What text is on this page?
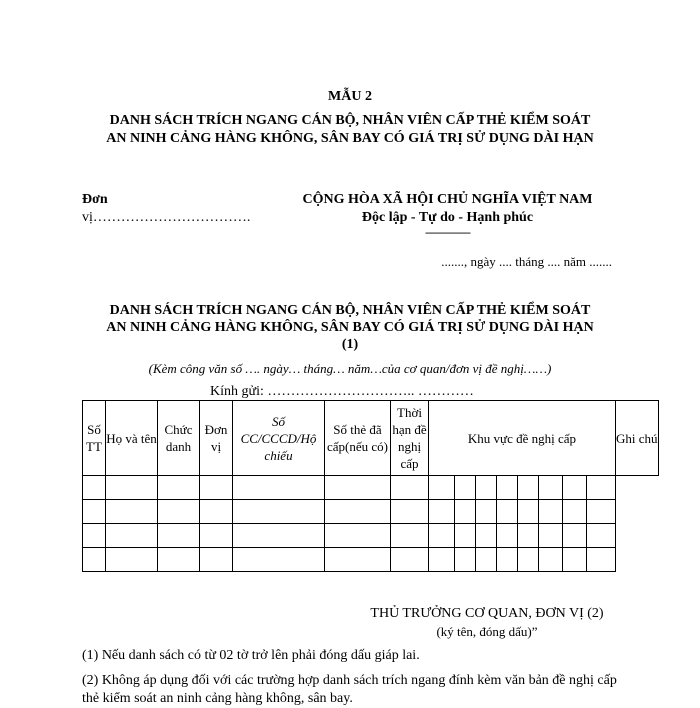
MẪU 2
DANH SÁCH TRÍCH NGANG CÁN BỘ, NHÂN VIÊN CẤP THẺ KIỂM SOÁT
AN NINH CẢNG HÀNG KHÔNG, SÂN BAY CÓ GIÁ TRỊ SỬ DỤNG DÀI HẠN
Đơn
vị…………………………….
CỘNG HÒA XÃ HỘI CHỦ NGHĨA VIỆT NAM
Độc lập - Tự do - Hạnh phúc
---------------
......., ngày .... tháng .... năm .......
DANH SÁCH TRÍCH NGANG CÁN BỘ, NHÂN VIÊN CẤP THẺ KIỂM SOÁT
AN NINH CẢNG HÀNG KHÔNG, SÂN BAY CÓ GIÁ TRỊ SỬ DỤNG DÀI HẠN
(1)
(Kèm công văn số …. ngày… tháng… năm…của cơ quan/đơn vị đề nghị……)
Kính gửi: ………………………….. …………
Số TT	Họ và tên	Chức danh	Đơn vị	Số CC/CCCD/Hộ chiếu	Số thẻ đã cấp(nếu có)	Thời hạn đề nghị cấp	Khu vực đề nghị cấp								Ghi chú

THỦ TRƯỞNG CƠ QUAN, ĐƠN VỊ (2)
(ký tên, đóng dấu)”
(1) Nếu danh sách có từ 02 tờ trở lên phải đóng dấu giáp lai.
(2) Không áp dụng đối với các trường hợp danh sách trích ngang đính kèm văn bản đề nghị cấp thẻ kiểm soát an ninh cảng hàng không, sân bay.
